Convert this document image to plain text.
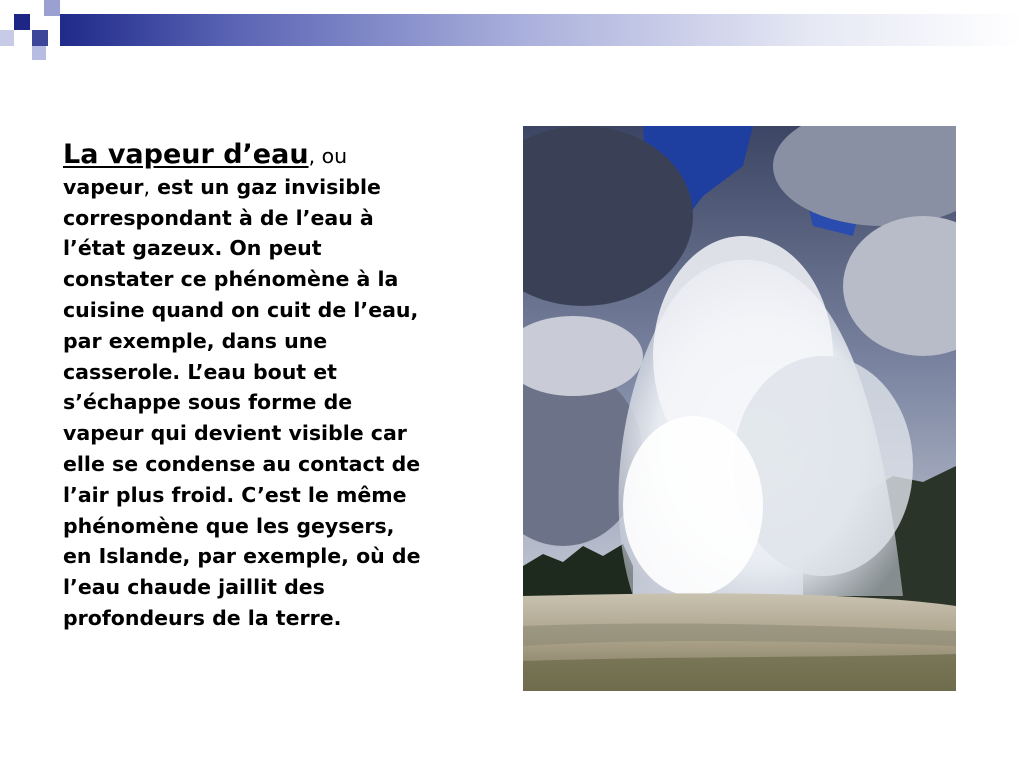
La vapeur d’eau, ou vapeur, est un gaz invisible correspondant à de l’eau à l’état gazeux. On peut constater ce phénomène à la cuisine quand on cuit de l’eau, par exemple, dans une casserole. L’eau bout et s’échappe sous forme de vapeur qui devient visible car elle se condense au contact de l’air plus froid. C’est le même phénomène que les geysers, en Islande, par exemple, où de l’eau chaude jaillit des profondeurs de la terre.
